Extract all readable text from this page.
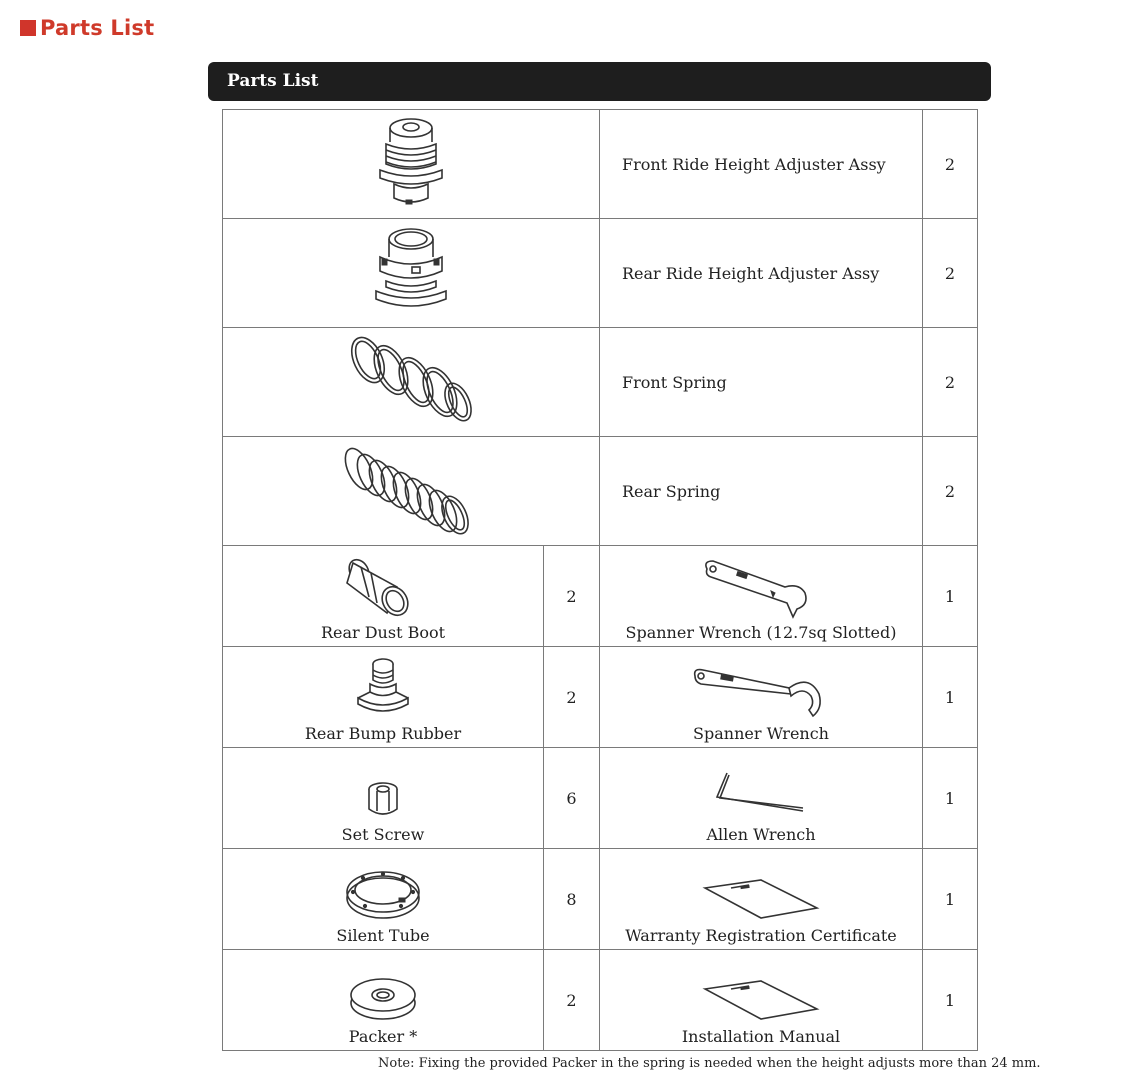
Parts List
Parts List
	Front Ride Height Adjuster Assy	2
	Rear Ride Height Adjuster Assy	2
	Front Spring	2
	Rear Spring	2

Rear Dust Boot	2	Spanner Wrench (12.7sq Slotted)	1

Rear Bump Rubber	2	Spanner Wrench	1

Set Screw	6	Allen Wrench	1

Silent Tube	8	Warranty Registration Certificate	1

Packer *	2	Installation Manual	1
Note: Fixing the provided Packer in the spring is needed when the height adjusts more than 24 mm.
